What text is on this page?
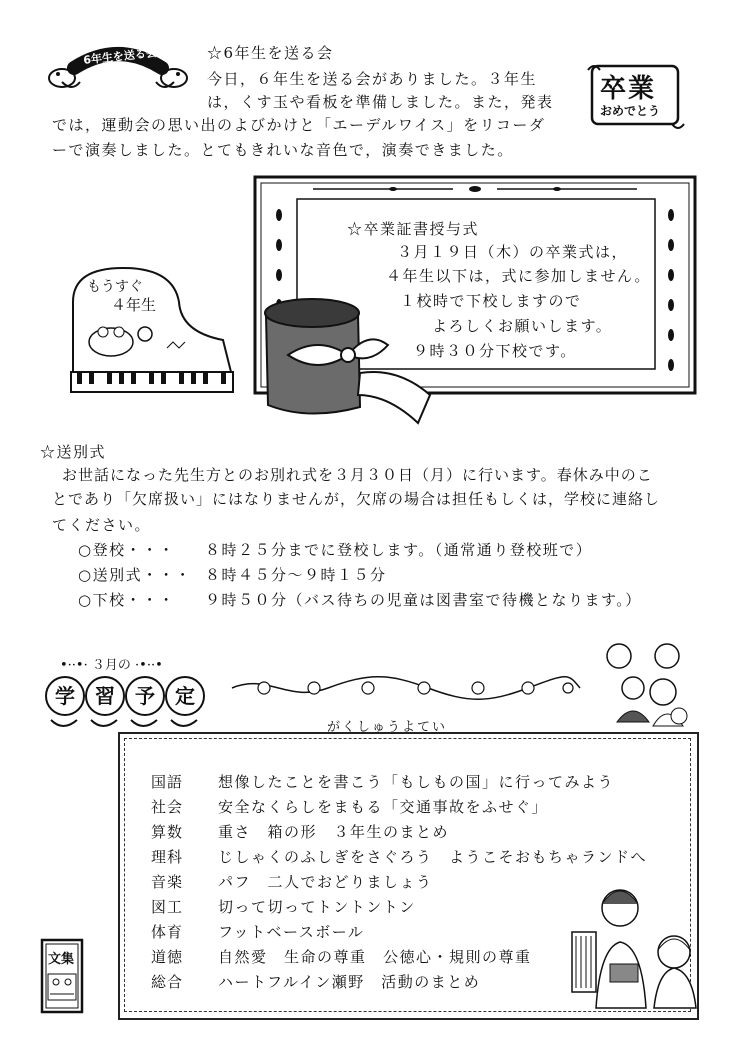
6年生を送る会	☆6年生を送る会
今日，６年生を送る会がありました。３年生
は，くす玉や看板を準備しました。また，発表
では，運動会の思い出のよびかけと「エーデルワイス」をリコーダ
ーで演奏しました。とてもきれいな音色で，演奏できました。
卒業
おめでとう
☆卒業証書授与式
３月１９日（木）の卒業式は，
４年生以下は，式に参加しません。
１校時で下校しますので
よろしくお願いします。
９時３０分下校です。
もうすぐ
４年生
☆送別式
お世話になった先生方とのお別れ式を３月３０日（月）に行います。春休み中のこ
とであり「欠席扱い」にはなりませんが，欠席の場合は担任もしくは，学校に連絡し
てください。
○登校・・・ ８時２５分までに登校します。（通常通り登校班で）
○送別式・・・ ８時４５分〜９時１５分
○下校・・・ ９時５０分（バス待ちの児童は図書室で待機となります。）
•··•· ３月の ·•··•
学	習	予	定
がくしゅうよてい
国語 想像したことを書こう「もしもの国」に行ってみよう
社会 安全なくらしをまもる「交通事故をふせぐ」
算数 重さ　箱の形　３年生のまとめ
理科 じしゃくのふしぎをさぐろう　ようこそおもちゃランドへ
音楽 パフ　二人でおどりましょう
図工 切って切ってトントントン
体育 フットベースボール
道徳 自然愛　生命の尊重　公徳心・規則の尊重
総合 ハートフルイン瀬野　活動のまとめ
文集
